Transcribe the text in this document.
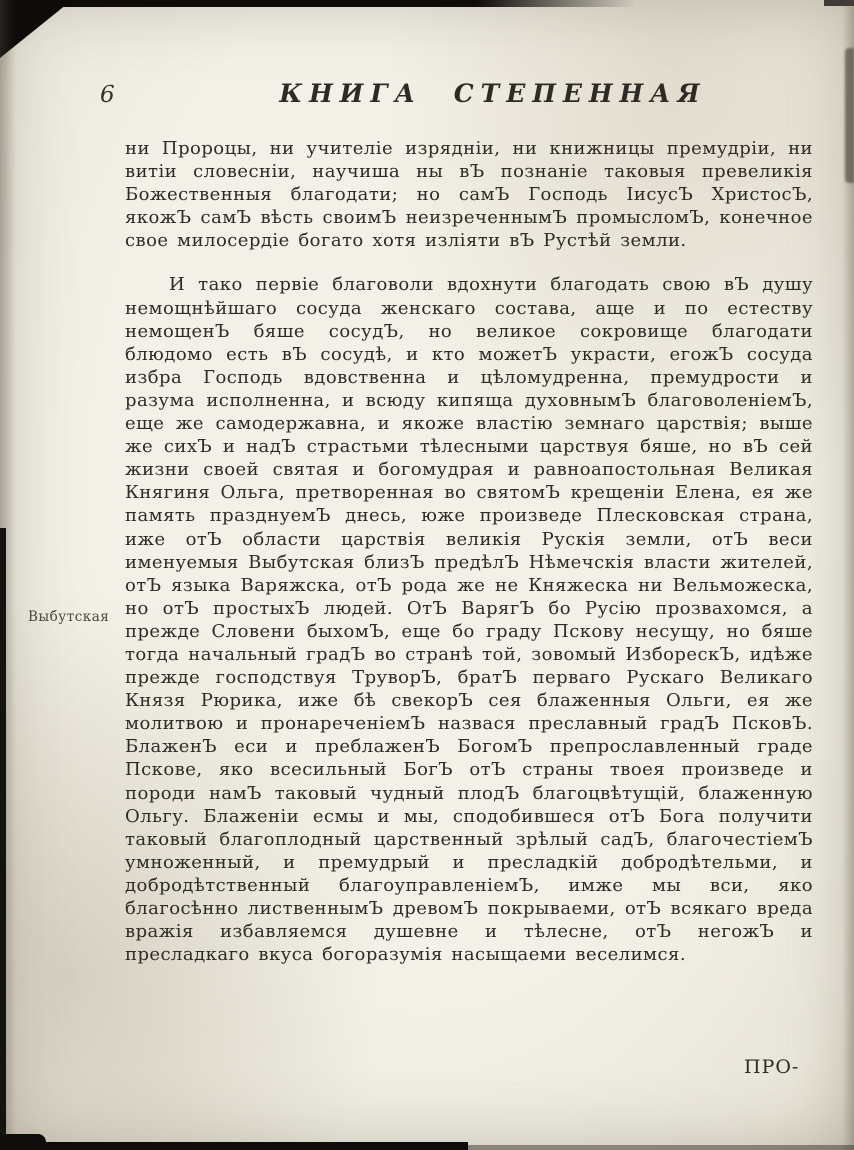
6	КНИГА СТЕПЕННАЯ
Выбутская

ни Пророцы, ни учителіе изрядніи, ни книжницы премудріи, ни витіи словесніи, научиша ны вЪ познаніе таковыя превеликія Божественныя благодати; но самЪ Господь ІисусЪ ХристосЪ, якожЪ самЪ вѣсть своимЪ неизреченнымЪ промысломЪ, конечное свое милосердіе богато хотя изліяти вЪ Рустѣй земли.

И тако первіе благоволи вдохнути благодать свою вЪ душу немощнѣйшаго сосуда женскаго состава, аще и по естеству немощенЪ бяше сосудЪ, но великое сокровище благодати блюдомо есть вЪ сосудѣ, и кто можетЪ украсти, егожЪ сосуда избра Господь вдовственна и цѣломудренна, премудрости и разума исполненна, и всюду кипяща духовнымЪ благоволеніемЪ, еще же самодержавна, и якоже властію земнаго царствія; выше же сихЪ и надЪ страстьми тѣлесными царствуя бяше, но вЪ сей жизни своей святая и богомудрая и равноапостольная Великая Княгиня Ольга, претворенная во святомЪ крещеніи Елена, ея же память празднуемЪ днесь, юже произведе Плесковская страна, иже отЪ области царствія великія Рускія земли, отЪ веси именуемыя Выбутская близЪ предѣлЪ Нѣмечскія власти жителей, отЪ языка Варяжска, отЪ рода же не Княжеска ни Вельможеска, но отЪ простыхЪ людей. ОтЪ ВарягЪ бо Русію прозвахомся, а прежде Словени быхомЪ, еще бо граду Пскову несущу, но бяше тогда начальный градЪ во странѣ той, зовомый ИзборескЪ, идѣже прежде господствуя ТруворЪ, братЪ перваго Рускаго Великаго Князя Рюрика, иже бѣ свекорЪ сея блаженныя Ольги, ея же молитвою и пронареченіемЪ назвася преславный градЪ ПсковЪ. БлаженЪ еси и преблаженЪ БогомЪ препрославленный граде Пскове, яко всесильный БогЪ отЪ страны твоея произведе и породи намЪ таковый чудный плодЪ благоцвѣтущій, блаженную Ольгу. Блаженіи есмы и мы, сподобившеся отЪ Бога получити таковый благоплодный царственный зрѣлый садЪ, благочестіемЪ умноженный, и премудрый и пресладкій добродѣтельми, и добродѣтственный благоуправленіемЪ, имже мы вси, яко благосѣнно лиственнымЪ древомЪ покрываеми, отЪ всякаго вреда вражія избавляемся душевне и тѣлесне, отЪ негожЪ и пресладкаго вкуса богоразумія насыщаеми веселимся.

ПРО-
